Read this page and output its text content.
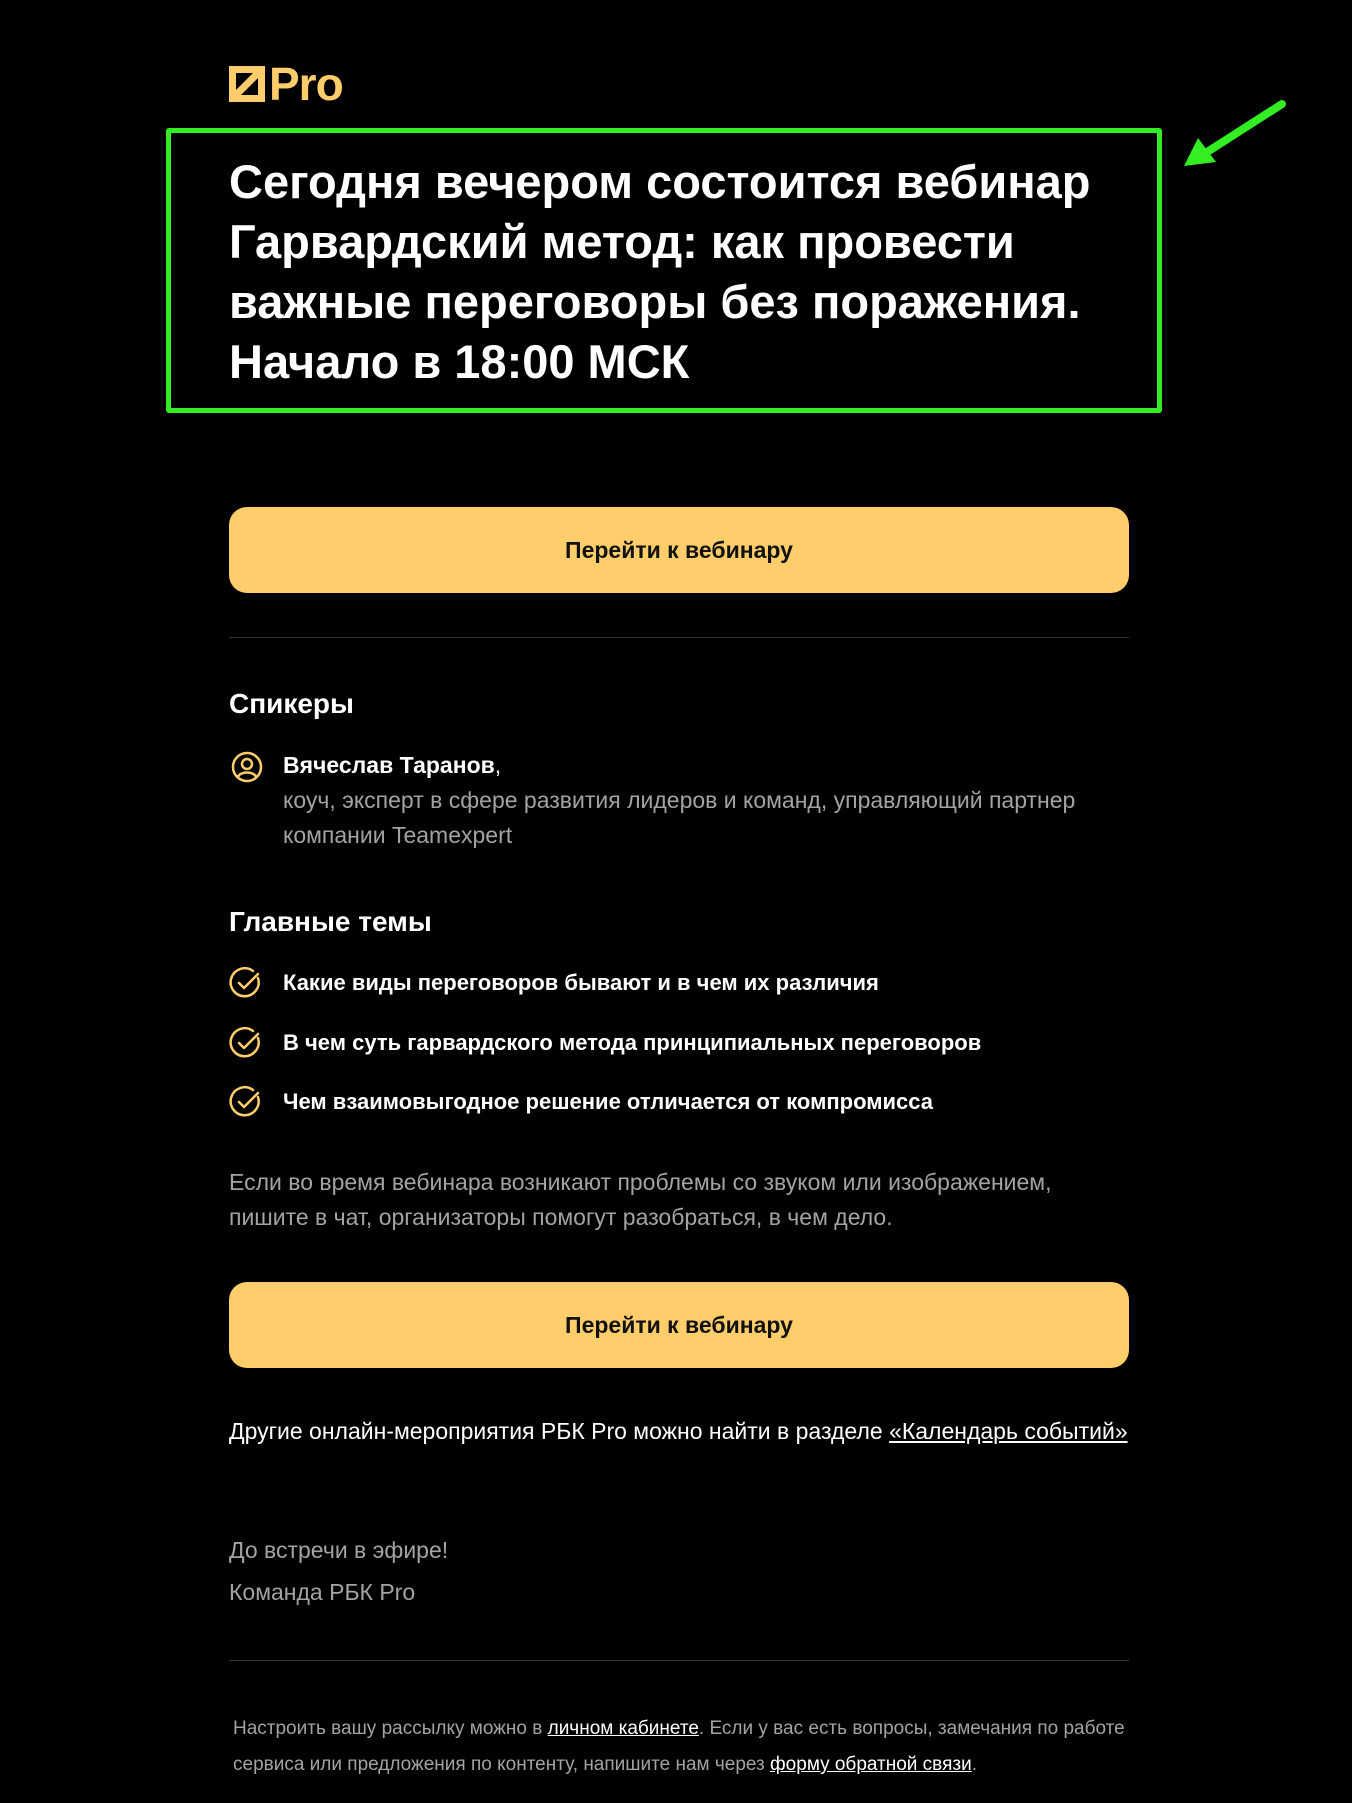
Pro
Сегодня вечером состоится вебинар Гарвардский метод: как провести важные переговоры без поражения. Начало в 18:00 МСК
Перейти к вебинару
Спикеры
Вячеслав Таранов,
коуч, эксперт в сфере развития лидеров и команд, управляющий партнер компании Teamexpert
Главные темы
Какие виды переговоров бывают и в чем их различия
В чем суть гарвардского метода принципиальных переговоров
Чем взаимовыгодное решение отличается от компромисса

Если во время вебинара возникают проблемы со звуком или изображением, пишите в чат, организаторы помогут разобраться, в чем дело.

Перейти к вебинару

Другие онлайн-мероприятия РБК Pro можно найти в разделе «Календарь событий»

До встречи в эфире!

Команда РБК Pro

Настроить вашу рассылку можно в личном кабинете. Если у вас есть вопросы, замечания по работе сервиса или предложения по контенту, напишите нам через форму обратной связи.
